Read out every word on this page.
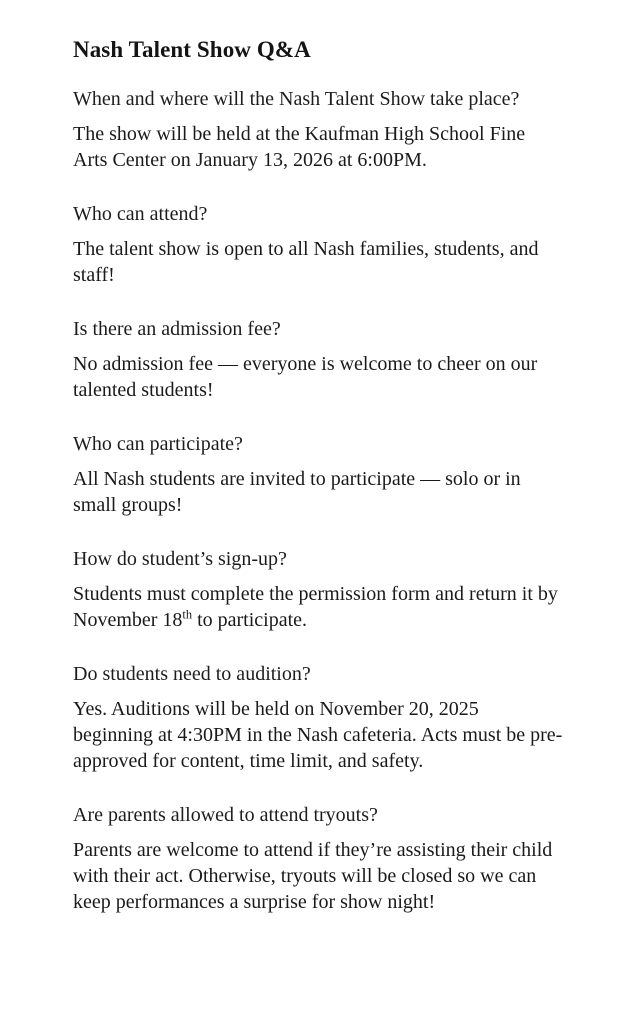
Nash Talent Show Q&A

When and where will the Nash Talent Show take place?

The show will be held at the Kaufman High School Fine Arts Center on January 13, 2026 at 6:00PM.

Who can attend?

The talent show is open to all Nash families, students, and staff!

Is there an admission fee?

No admission fee — everyone is welcome to cheer on our talented students!

Who can participate?

All Nash students are invited to participate — solo or in small groups!

How do student’s sign-up?

Students must complete the permission form and return it by November 18th to participate.

Do students need to audition?

Yes. Auditions will be held on November 20, 2025 beginning at 4:30PM in the Nash cafeteria. Acts must be pre-approved for content, time limit, and safety.

Are parents allowed to attend tryouts?

Parents are welcome to attend if they’re assisting their child with their act. Otherwise, tryouts will be closed so we can keep performances a surprise for show night!
